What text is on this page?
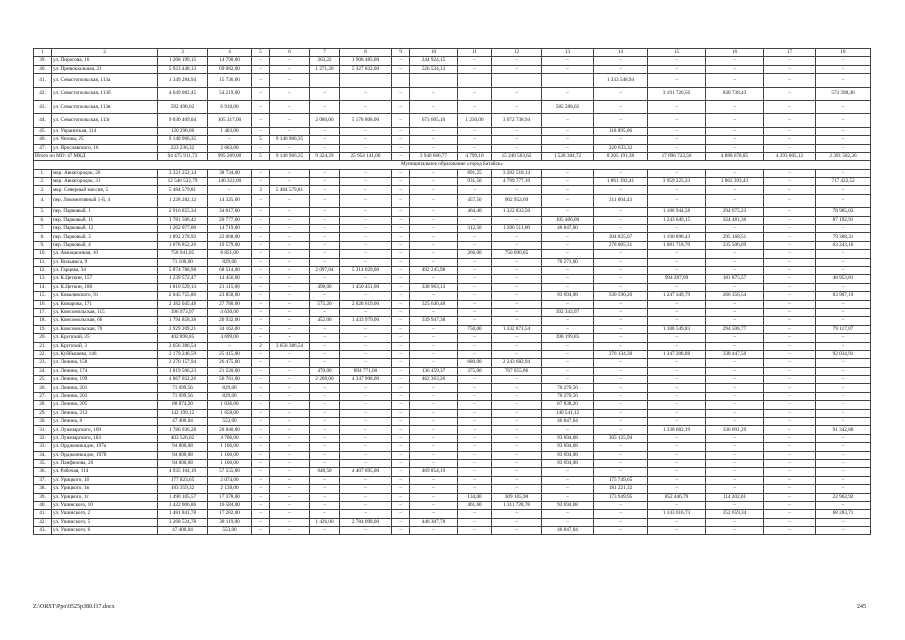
1	2	3	4	5	6	7	8	9	10	11	12	13	14	15	16	17	18
39.	ул. Пирогова, 16	1 268 199,15	14 790,00	–	–	363,22	1 908 485,00	–	244 924,15	–	–	–	–	–	–	–	–
40.	ул. Привокзальная, 21	5 923 448,13	69 082,00	–	–	1 271,20	5 327 832,00	–	526 534,13	–	–	–	–	–	–	–	–
41.	ул. Севастопольская, 113а	1 349 284,94	15 736,00	–	–								1 333 548,94	–	–	–	–
42.	ул. Севастопольская, 113б	4 649 082,45	54 219,00	–	–	–	–	–	–	–	–	–	–	3 191 726,56	830 738,43	–	572 398,46
43.	ул. Севастопольская, 113в	592 498,02	6 910,00	–	–	–	–	–	–	–	–	585 588,02	–	–	–	–	–
44.	ул. Севастопольская, 113г	9 030 469,04	105 317,00	–	–	2 080,00	5 178 808,00	–	673 605,10	1 230,00	3 072 738,94	–	–	–	–	–	–
45.	ул. Украинская, 114	120 298,06	1 403,00	–	–	–	–	–	–	–	–	–	118 895,06	–	–	–	–
46.	ул. Чехова, 25	9 140 966,35	–	5	9 140 966,35	–	–	–	–	–	–	–	–	–	–	–	–
47.	ул. Ярославского, 16	223 236,32	2 603,00	–	–	–	–	–	–	–	–	–	220 633,32	–	–	–	–
Итого по МО: 47 МКД		94 475 911,73	995 209,00	5	9 140 966,35	9 324,29	25 954 141,00	–	3 940 666,77	4 799,10	15 240 563,62	1 528 384,72	8 205 191,38	17 896 722,56	4 888 678,85	4 293 805,12	2 391 582,36
Муниципальное образование «город Батайск»																	
1.	мкр. Авиагородок, 26	3 321 252,14	38 734,00	–	–	–	–	–	–	891,25	3 282 518,14	–	–	–	–	–	–
2.	мкр. Авиагородок, 31	12 546 532,79	146 322,00	–	–	–	–	–	–	931,50	4 799 777,10	–	1 861 392,41	3 959 225,33	1 062 393,43	–	717 422,52
3.	мкр. Северный массив, 5	5 484 579,81	–	3	5 484 579,81	–	–	–	–	–	–	–	–	–	–	–	–
4.	пер. Локомотивный 1-й, 4	1 228 282,12	14 325,00	–	–	–	–	–	–	457,50	902 952,69	–	311 004,43	–	–	–	–
5.	пер. Парковый, 1	2 916 855,34	34 017,00	–	–	–	–	–	–	464,40	1 322 833,50	–	–	1 186 944,58	294 075,23	–	78 985,03
6.	пер. Парковый, 11	1 781 506,42	20 777,00	–	–	–	–	–	–	–	–	105 406,00	–	1 243 649,15	324 481,36	–	87 192,91
7.	пер. Парковый, 12	1 262 077,00	14 719,00	–	–	–	–	–	–	312,50	1 200 511,00	46 847,00	–	–	–	–	–
8.	пер. Парковый, 3	1 892 278,92	22 068,00	–	–	–	–	–	–	–	–	–	304 835,67	1 190 898,43	295 168,51	–	79 308,31
9.	пер. Парковый, 4	1 678 852,26	19 579,00	–	–	–	–	–	–	–	–	–	278 805,31	1 081 718,70	235 506,09	–	63 243,16
10.	ул. Авиационная, 10	758 941,85	8 851,00	–	–	–	–	–	–	266,00	750 090,85	–	–	–	–	–	–
11.	ул. Вильямса, 9	71 100,00	829,00	–	–	–	–	–	–	–	–	70 271,00	–	–	–	–	–
12.	ул. Гарцева, 34	5 874 788,98	68 514,00	–	–	2 097,04	5 314 029,00	–	492 245,98	–	–	–	–	–	–	–	–
13.	ул. К.Цеткин, 157	1 239 572,47	14 456,00	–	–	–	–	–	–	–	–	–	–	994 287,09	181 875,57	–	48 953,81
14.	ул. К.Цеткин, 188	1 810 529,13	21 115,00	–	–	498,00	1 450 451,00	–	338 963,13	–	–	–	–	–	–	–	–
15.	ул. Коваливского, 91	2 045 755,86	23 858,00	–	–	–	–	–	–	–	–	93 694,08	330 590,26	1 247 349,79	266 356,54	–	83 907,19
16.	ул. Комарова, 171	2 382 045,48	27 780,00	–	–	575,20	2 028 619,00	–	325 646,48	–	–	–	–	–	–	–	–
17.	ул. Комсомольская, 115	396 973,97	4 630,00	–	–	–	–	–	–	–	–	392 343,97	–	–	–	–	–
18.	ул. Комсомольская, 66	1 794 858,38	20 932,00	–	–	452,00	1 433 979,00	–	339 947,38	–	–	–	–	–	–	–	–
19.	ул. Комсомольская, 70	2 929 209,21	34 162,00	–	–	–	–	–	–	750,00	1 332 871,54	–	–	1 188 549,83	294 508,77	–	79 117,07
20.	ул. Крупской, 25	402 898,85	4 699,00	–	–	–	–	–	–	–	–	398 199,85	–	–	–	–	–
21.	ул. Крупской, 3	3 656 386,54	–	2	3 656 386,54	–	–	–	–	–	–	–	–	–	–	–	–
22.	ул. Куйбышева, 146	2 179 246,59	25 415,00	–	–	–	–	–	–	–	–	–	376 134,30	1 347 208,88	338 447,50	–	92 034,91
23.	ул. Ленина, 158	2 270 157,94	26 475,00	–	–	–	–	–	–	680,00	2 243 682,94	–	–	–	–	–	–
24.	ул. Ленина, 174	1 819 506,23	21 220,00	–	–	470,00	894 771,00	–	136 459,37	375,00	767 055,86	–	–	–	–	–	–
25.	ул. Ленина, 199	4 867 032,26	56 761,00	–	–	2 200,00	4 347 908,00	–	462 363,26	–	–	–	–	–	–	–	–
26.	ул. Ленина, 201	71 099,56	829,00	–	–	–	–	–	–	–	–	70 270,56	–	–	–	–	–
27.	ул. Ленина, 203	71 099,56	829,00	–	–	–	–	–	–	–	–	70 270,56	–	–	–	–	–
28.	ул. Ленина, 205	88 874,20	1 036,00	–	–	–	–	–	–	–	–	87 838,20	–	–	–	–	–
29.	ул. Ленина, 213	142 199,12	1 658,00	–	–	–	–	–	–	–	–	140 541,12	–	–	–	–	–
30.	ул. Ленина, 8	47 400,04	553,00	–	–	–	–	–	–	–	–	46 847,04	–	–	–	–	–
31.	ул. Луначарского, 169	1 786 936,28	20 840,00	–	–	–	–	–	–	–	–	–	–	1 338 682,19	336 091,29	–	91 342,80
32.	ул. Луначарского, 183	403 526,02	4 706,00	–	–	–	–	–	–	–	–	93 694,08	305 125,94	–	–	–	–
33.	ул. Орджоникидзе, 197а	94 800,08	1 106,00	–	–	–	–	–	–	–	–	93 694,08	–	–	–	–	–
34.	ул. Орджоникидзе, 197б	94 800,08	1 106,00	–	–	–	–	–	–	–	–	93 694,08	–	–	–	–	–
35.	ул. Панфилова, 20	94 800,08	1 106,00	–	–	–	–	–	–	–	–	93 694,08	–	–	–	–	–
36.	ул. Рабочая, 114	4 935 104,19	57 555,00	–	–	948,50	4 407 695,00	–	469 854,19	–	–	–	–	–	–	–	–
37.	ул. Урицкого, 1б	177 823,65	2 074,00	–	–	–	–	–	–	–	–	–	175 749,65	–	–	–	–
38.	ул. Урицкого, 1в	183 359,32	2 138,00	–	–	–	–	–	–	–	–	–	181 221,32	–	–	–	–
39.	ул. Урицкого, 1г	1 490 105,57	17 378,00	–	–	–	–	–	–	134,00	309 165,90	–	173 949,95	852 446,79	114 202,01	–	22 962,92
40.	ул. Ушинского, 10	1 422 006,86	16 584,00	–	–	–	–	–	–	461,60	1 311 728,78	93 694,08	–	–	–	–	–
41.	ул. Ушинского, 2	1 481 841,78	17 282,00	–	–	–	–	–	–	–	–	–	–	1 143 616,73	252 659,34	–	68 283,71
42.	ул. Ушинского, 5	3 268 524,78	38 119,00	–	–	1 426,00	2 784 098,00	–	446 307,78	–	–	–	–	–	–	–	–
43.	ул. Ушинского, 6	47 400,04	553,00	–	–	–	–	–	–	–	–	46 847,04	–	–	–	–	–
Z:\ORST\Ppo\0525p380.f17.docx	245
